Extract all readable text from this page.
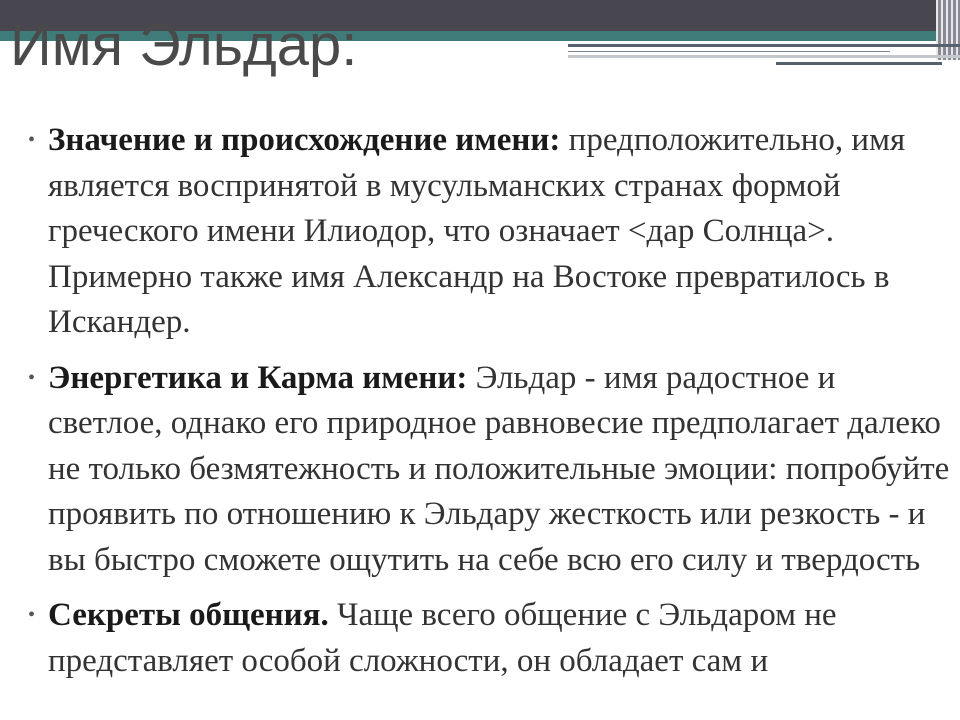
Имя Эльдар:
• Значение и происхождение имени: предположительно, имя является воспринятой в мусульманских странах формой греческого имени Илиодор, что означает <дар Солнца>. Примерно также имя Александр на Востоке превратилось в Искандер.
• Энергетика и Карма имени: Эльдар - имя радостное и светлое, однако его природное равновесие предполагает далеко не только безмятежность и положительные эмоции: попробуйте проявить по отношению к Эльдару жесткость или резкость - и вы быстро сможете ощутить на себе всю его силу и твердость
• Секреты общения. Чаще всего общение с Эльдаром не представляет особой сложности, он обладает сам и
